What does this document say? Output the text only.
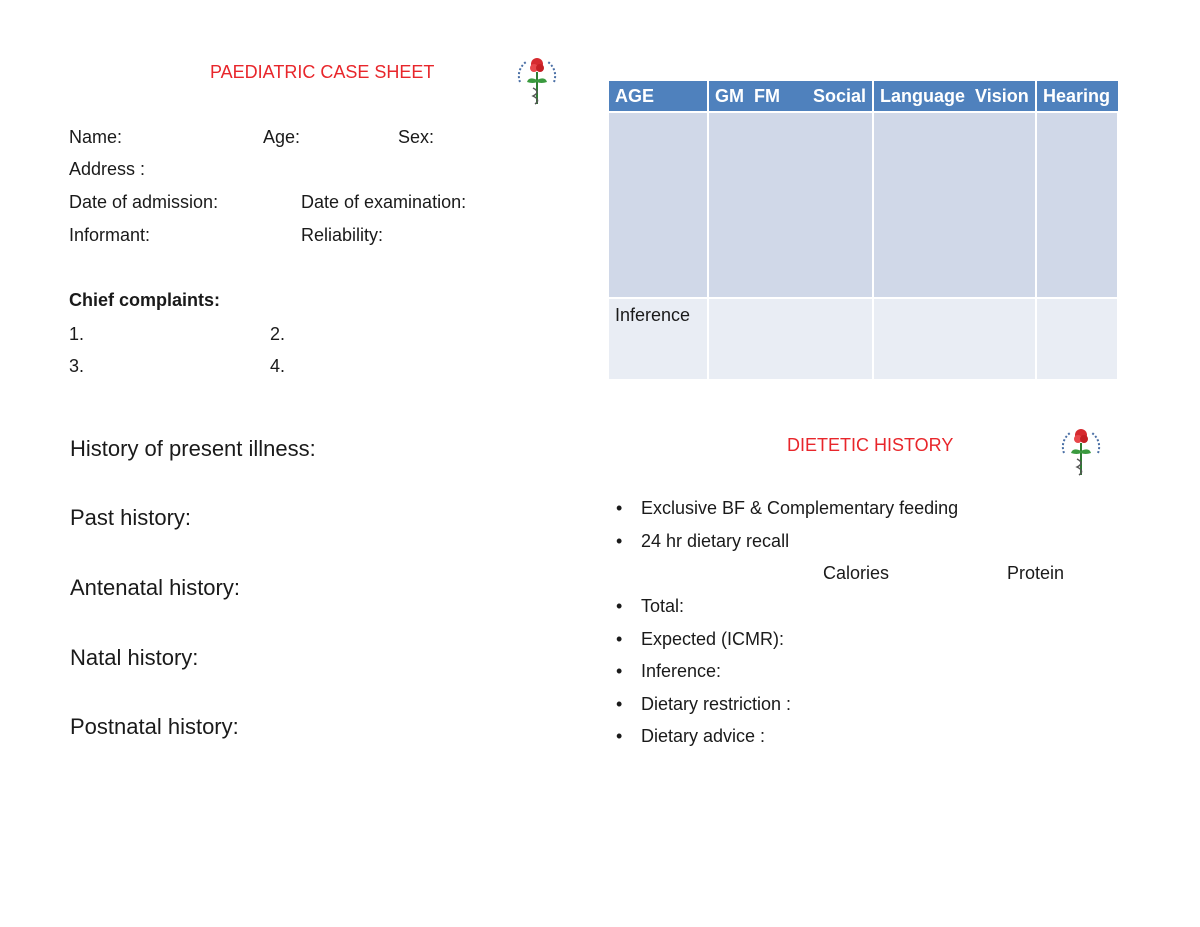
PAEDIATRIC CASE SHEET
Name:	Age:	Sex:
Address :
Date of admission:	Date of examination:
Informant:	Reliability:
Chief complaints:
1.	2.
3.	4.
History of present illness:
Past history:
Antenatal history:
Natal history:
Postnatal history:
AGE	GM  FM Social	Language  Vision	Hearing

Inference			
DIETETIC HISTORY
• Exclusive BF & Complementary feeding
• 24 hr dietary recall
Calories	Protein
• Total:
• Expected (ICMR):
• Inference:
• Dietary restriction :
• Dietary advice :
